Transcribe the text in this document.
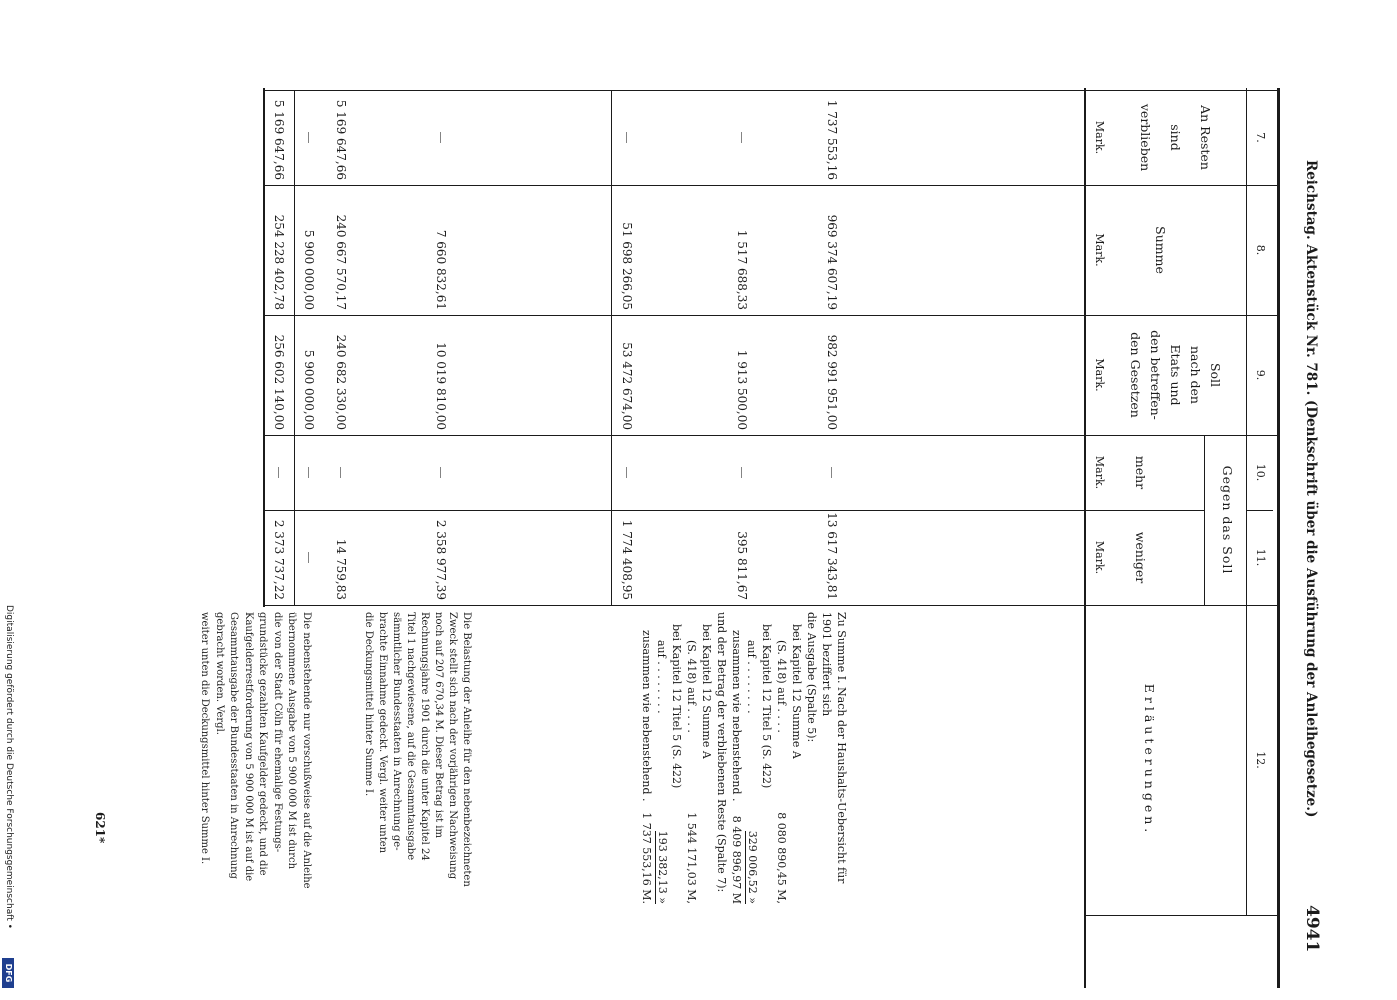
Reichstag. Aktenstück Nr. 781. (Denkschrift über die Ausführung der Anleihegesetze.)
4941
7.
8.
9.
10.
11.
12.
An Resten
sind
verblieben
Summe
Soll
nach den
Etats und
den betreffen-
den Gesetzen
Gegen das Soll
mehr
weniger
Erläuterungen.
Mark.
Mark.
Mark.
Mark.
Mark.
1 737 553,16
969 374 607,19
982 991 951,00
—
13 617 343,81
—
1 517 688,33
1 913 500,00
—
395 811,67
—
51 698 266,05
53 472 674,00
—
1 774 408,95
—
7 660 832,61
10 019 810,00
—
2 358 977,39
5 169 647,66
240 667 570,17
240 682 330,00
—
14 759,83
—
5 900 000,00
5 900 000,00
—
—
5 169 647,66
254 228 402,78
256 602 140,00
—
2 373 737,22
Zu Summe I. Nach der Haushalts-Uebersicht für
1901 beziffert sich
die Ausgabe (Spalte 5):
bei Kapitel 12 Summe A
(S. 418) auf . . . .
8 080 890,45 M,
bei Kapitel 12 Titel 5 (S. 422)
auf . . . . . . . .
329 006,52 »
zusammen wie nebenstehend .
8 409 896,97 M
und der Betrag der verbliebenen Reste (Spalte 7):
bei Kapitel 12 Summe A
(S. 418) auf . . . .
1 544 171,03 M,
bei Kapitel 12 Titel 5 (S. 422)
auf . . . . . . . .
193 382,13 »
zusammen wie nebenstehend .
1 737 553,16 M.
Die Belastung der Anleihe für den nebenbezeichneten
Zweck stellt sich nach der vorjährigen Nachweisung
noch auf 207 670,34 M. Dieser Betrag ist im
Rechnungsjahre 1901 durch die unter Kapitel 24
Titel 1 nachgewiesene, auf die Gesammtausgabe
sämmtlicher Bundesstaaten in Anrechnung ge-
brachte Einnahme gedeckt. Vergl. weiter unten
die Deckungsmittel hinter Summe I.
Die nebenstehende nur vorschußweise auf die Anleihe
übernommene Ausgabe von 5 900 000 M ist durch
die von der Stadt Cöln für ehemalige Festungs-
grundstücke gezahlten Kaufgelder gedeckt, und die
Kaufgelderrestforderung von 5 900 000 M ist auf die
Gesammtausgabe der Bundesstaaten in Anrechnung
gebracht worden. Vergl.
weiter unten die Deckungsmittel hinter Summe I.
621*
Digitalisierung gefördert durch die Deutsche Forschungsgemeinschaft •
DFG
